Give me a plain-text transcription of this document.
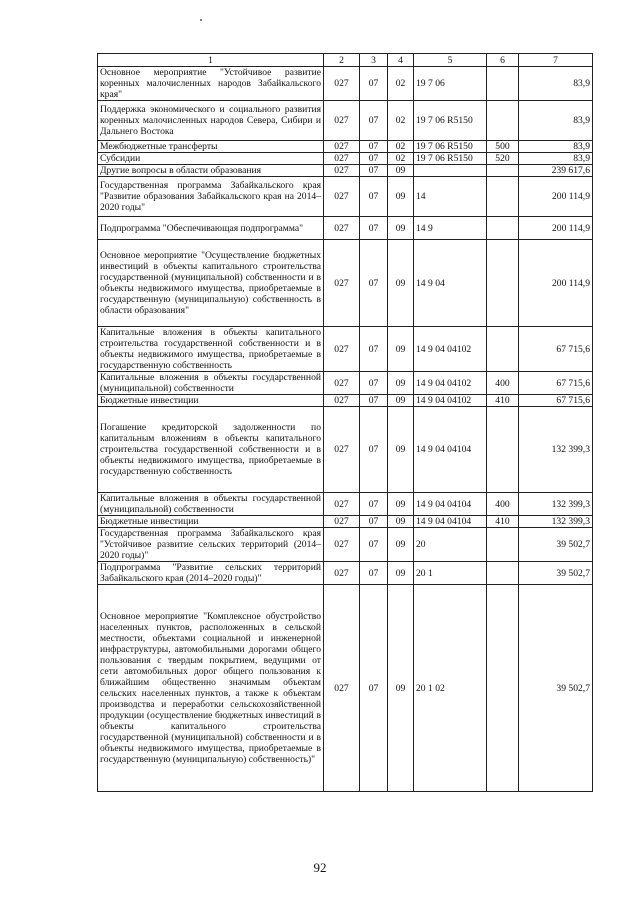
1	2	3	4	5	6	7
Основное мероприятие "Устойчивое развитие коренных малочисленных народов Забайкальского края"	027	07	02	19 7 06		83,9
Поддержка экономического и социального развития коренных малочисленных народов Севера, Сибири и Дальнего Востока	027	07	02	19 7 06 R5150		83,9
Межбюджетные трансферты	027	07	02	19 7 06 R5150	500	83,9
Субсидии	027	07	02	19 7 06 R5150	520	83,9
Другие вопросы в области образования	027	07	09			239 617,6
Государственная программа Забайкальского края "Развитие образования Забайкальского края на 2014–2020 годы"	027	07	09	14		200 114,9
Подпрограмма "Обеспечивающая подпрограмма"	027	07	09	14 9		200 114,9
Основное мероприятие "Осуществление бюджетных инвестиций в объекты капитального строительства государственной (муниципальной) собственности и в объекты недвижимого имущества, приобретаемые в государственную (муниципальную) собственность в области образования"	027	07	09	14 9 04		200 114,9
Капитальные вложения в объекты капитального строительства государственной собственности и в объекты недвижимого имущества, приобретаемые в государственную собственность	027	07	09	14 9 04 04102		67 715,6
Капитальные вложения в объекты государственной (муниципальной) собственности	027	07	09	14 9 04 04102	400	67 715,6
Бюджетные инвестиции	027	07	09	14 9 04 04102	410	67 715,6
Погашение кредиторской задолженности по капитальным вложениям в объекты капитального строительства государственной собственности и в объекты недвижимого имущества, приобретаемые в государственную собственность	027	07	09	14 9 04 04104		132 399,3
Капитальные вложения в объекты государственной (муниципальной) собственности	027	07	09	14 9 04 04104	400	132 399,3
Бюджетные инвестиции	027	07	09	14 9 04 04104	410	132 399,3
Государственная программа Забайкальского края "Устойчивое развитие сельских территорий (2014–2020 годы)"	027	07	09	20		39 502,7
Подпрограмма "Развитие сельских территорий Забайкальского края (2014–2020 годы)"	027	07	09	20 1		39 502,7
Основное мероприятие "Комплексное обустройство населенных пунктов, расположенных в сельской местности, объектами социальной и инженерной инфраструктуры, автомобильными дорогами общего пользования с твердым покрытием, ведущими от сети автомобильных дорог общего пользования к ближайшим общественно значимым объектам сельских населенных пунктов, а также к объектам производства и переработки сельскохозяйственной продукции (осуществление бюджетных инвестиций в объекты капитального строительства государственной (муниципальной) собственности и в объекты недвижимого имущества, приобретаемые в государственную (муниципальную) собственность)"	027	07	09	20 1 02		39 502,7
92
